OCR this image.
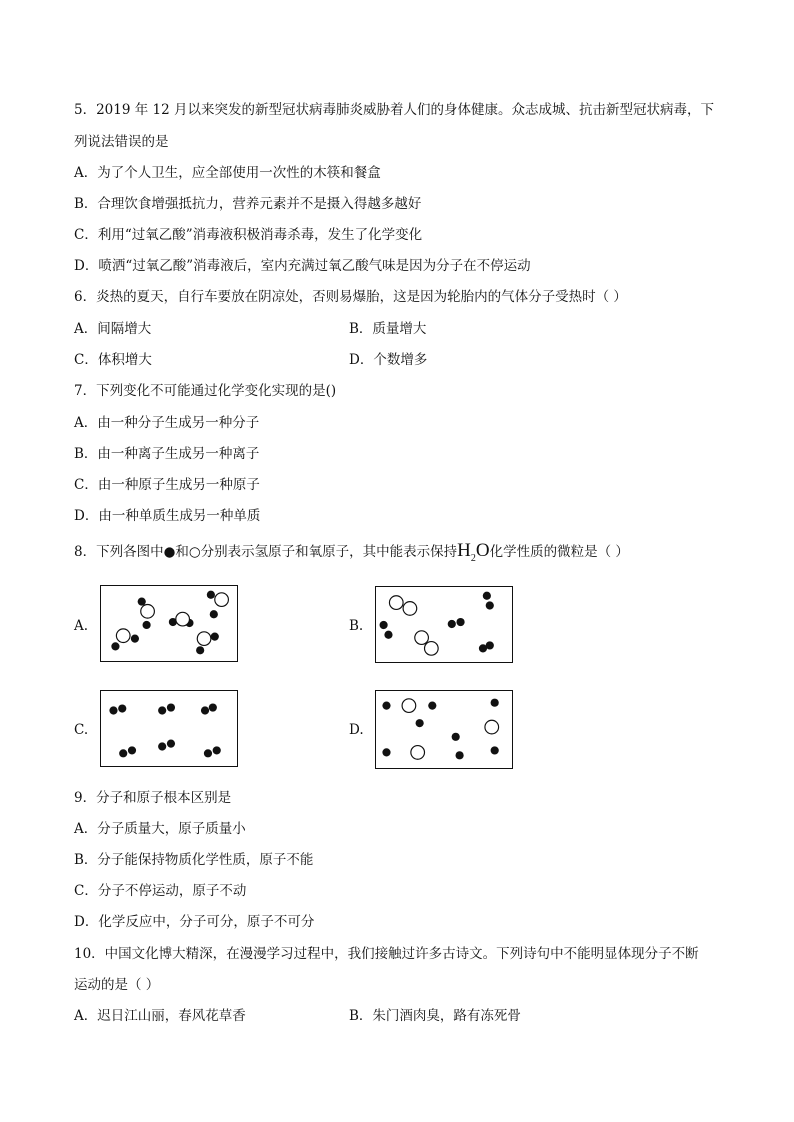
5．2019 年 12 月以来突发的新型冠状病毒肺炎威胁着人们的身体健康。众志成城、抗击新型冠状病毒，下
列说法错误的是
A．为了个人卫生，应全部使用一次性的木筷和餐盒
B．合理饮食增强抵抗力，营养元素并不是摄入得越多越好
C．利用“过氧乙酸”消毒液积极消毒杀毒，发生了化学变化
D．喷洒“过氧乙酸”消毒液后，室内充满过氧乙酸气味是因为分子在不停运动
6．炎热的夏天，自行车要放在阴凉处，否则易爆胎，这是因为轮胎内的气体分子受热时（ ）
A．间隔增大	B．质量增大
C．体积增大	D．个数增多
7．下列变化不可能通过化学变化实现的是()
A．由一种分子生成另一种分子
B．由一种离子生成另一种离子
C．由一种原子生成另一种原子
D．由一种单质生成另一种单质
8．下列各图中●和○分别表示氢原子和氧原子，其中能表示保持$H_2O$化学性质的微粒是（ ）
A.	B.
C.	D.
9．分子和原子根本区别是
A．分子质量大，原子质量小
B．分子能保持物质化学性质，原子不能
C．分子不停运动，原子不动
D．化学反应中，分子可分，原子不可分
10．中国文化博大精深，在漫漫学习过程中，我们接触过许多古诗文。下列诗句中不能明显体现分子不断
运动的是（ ）
A．迟日江山丽，春风花草香	B．朱门酒肉臭，路有冻死骨
